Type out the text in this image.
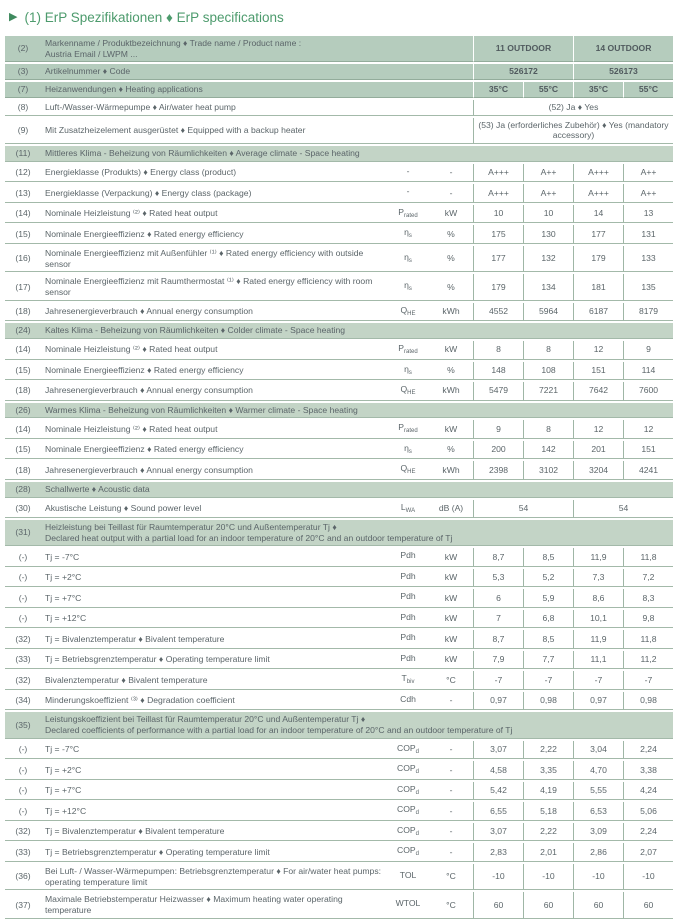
▶ (1) ErP Spezifikationen ♦ ErP specifications
(2)	Markenname / Produktbezeichnung ♦ Trade name / Product name :
Austria Email / LWPM ...			11 OUTDOOR		14 OUTDOOR	
(3)	Artikelnummer ♦ Code			526172		526173	
(7)	Heizanwendungen ♦ Heating applications			35°C	55°C	35°C	55°C
(8)	Luft-/Wasser-Wärmepumpe ♦ Air/water heat pump			(52) Ja ♦ Yes			
(9)	Mit Zusatzheizelement ausgerüstet ♦ Equipped with a backup heater			(53) Ja (erforderliches Zubehör) ♦ Yes (mandatory accessory)			
(11)	Mittleres Klima - Beheizung von Räumlichkeiten ♦ Average climate - Space heating						
(12)	Energieklasse (Produkts) ♦ Energy class (product)	-	-	A+++	A++	A+++	A++
(13)	Energieklasse (Verpackung) ♦ Energy class (package)	-	-	A+++	A++	A+++	A++
(14)	Nominale Heizleistung ⁽²⁾ ♦ Rated heat output	$P_{rated}$	kW	10	10	14	13
(15)	Nominale Energieeffizienz ♦ Rated energy efficiency	$\eta_s$	%	175	130	177	131
(16)	Nominale Energieeffizienz mit Außenfühler ⁽¹⁾ ♦ Rated energy efficiency with outside sensor	$\eta_s$	%	177	132	179	133
(17)	Nominale Energieeffizienz mit Raumthermostat ⁽¹⁾ ♦ Rated energy efficiency with room sensor	$\eta_s$	%	179	134	181	135
(18)	Jahresenergieverbrauch ♦ Annual energy consumption	$Q_{HE}$	kWh	4552	5964	6187	8179
(24)	Kaltes Klima - Beheizung von Räumlichkeiten ♦ Colder climate - Space heating						
(14)	Nominale Heizleistung ⁽²⁾ ♦ Rated heat output	$P_{rated}$	kW	8	8	12	9
(15)	Nominale Energieeffizienz ♦ Rated energy efficiency	$\eta_s$	%	148	108	151	114
(18)	Jahresenergieverbrauch ♦ Annual energy consumption	$Q_{HE}$	kWh	5479	7221	7642	7600
(26)	Warmes Klima - Beheizung von Räumlichkeiten ♦ Warmer climate - Space heating						
(14)	Nominale Heizleistung ⁽²⁾ ♦ Rated heat output	$P_{rated}$	kW	9	8	12	12
(15)	Nominale Energieeffizienz ♦ Rated energy efficiency	$\eta_s$	%	200	142	201	151
(18)	Jahresenergieverbrauch ♦ Annual energy consumption	$Q_{HE}$	kWh	2398	3102	3204	4241
(28)	Schallwerte ♦ Acoustic data						
(30)	Akustische Leistung ♦ Sound power level	$L_{WA}$	dB (A)	54		54	
(31)	Heizleistung bei Teillast für Raumtemperatur 20°C und Außentemperatur Tj ♦
Declared heat output with a partial load for an indoor temperature of 20°C and an outdoor temperature of Tj						
(-)	Tj = -7°C	Pdh	kW	8,7	8,5	11,9	11,8
(-)	Tj = +2°C	Pdh	kW	5,3	5,2	7,3	7,2
(-)	Tj = +7°C	Pdh	kW	6	5,9	8,6	8,3
(-)	Tj = +12°C	Pdh	kW	7	6,8	10,1	9,8
(32)	Tj = Bivalenztemperatur ♦ Bivalent temperature	Pdh	kW	8,7	8,5	11,9	11,8
(33)	Tj = Betriebsgrenztemperatur ♦ Operating temperature limit	Pdh	kW	7,9	7,7	11,1	11,2
(32)	Bivalenztemperatur ♦ Bivalent temperature	$T_{biv}$	°C	-7	-7	-7	-7
(34)	Minderungskoeffizient ⁽³⁾ ♦ Degradation coefficient	Cdh	-	0,97	0,98	0,97	0,98
(35)	Leistungskoeffizient bei Teillast für Raumtemperatur 20°C und Außentemperatur Tj ♦
Declared coefficients of performance with a partial load for an indoor temperature of 20°C and an outdoor temperature of Tj						
(-)	Tj = -7°C	$COP_d$	-	3,07	2,22	3,04	2,24
(-)	Tj = +2°C	$COP_d$	-	4,58	3,35	4,70	3,38
(-)	Tj = +7°C	$COP_d$	-	5,42	4,19	5,55	4,24
(-)	Tj = +12°C	$COP_d$	-	6,55	5,18	6,53	5,06
(32)	Tj = Bivalenztemperatur ♦ Bivalent temperature	$COP_d$	-	3,07	2,22	3,09	2,24
(33)	Tj = Betriebsgrenztemperatur ♦ Operating temperature limit	$COP_d$	-	2,83	2,01	2,86	2,07
(36)	Bei Luft- / Wasser-Wärmepumpen: Betriebsgrenztemperatur ♦ For air/water heat pumps: operating temperature limit	TOL	°C	-10	-10	-10	-10
(37)	Maximale Betriebstemperatur Heizwasser ♦ Maximum heating water operating temperature	WTOL	°C	60	60	60	60
